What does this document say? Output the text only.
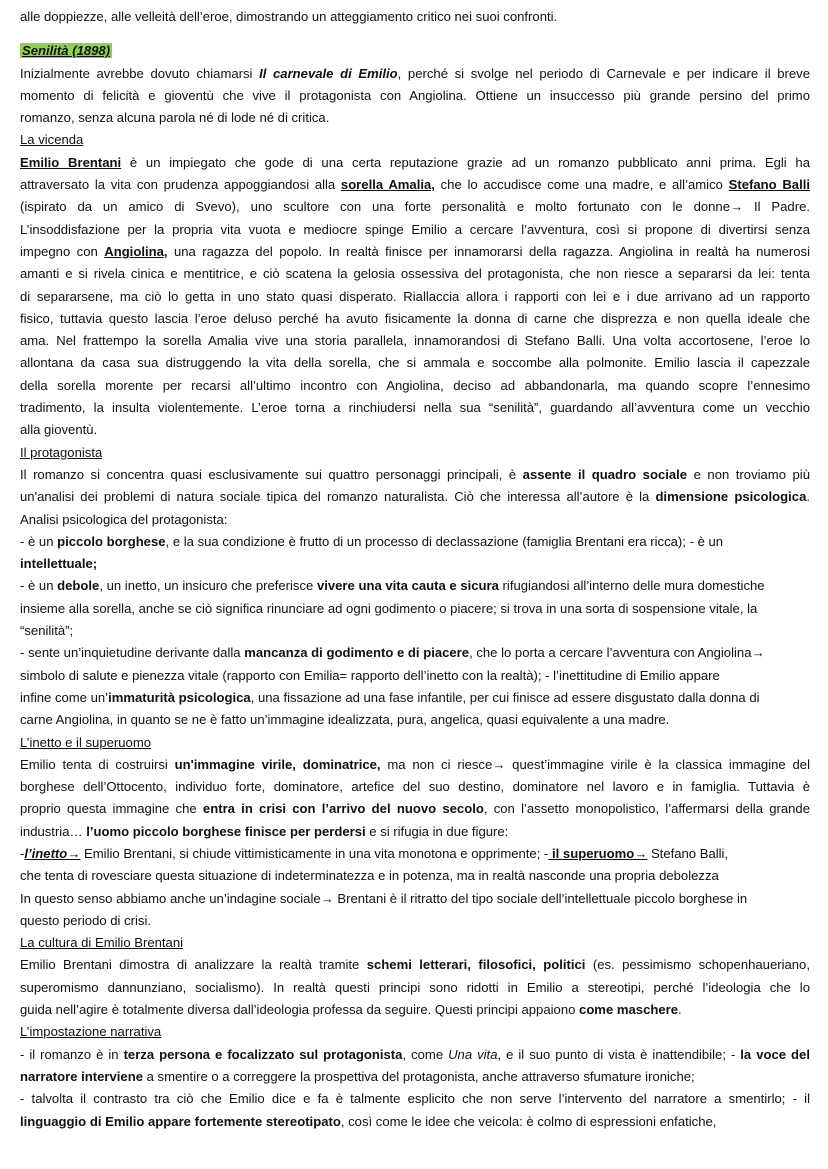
alle doppiezze, alle velleità dell’eroe, dimostrando un atteggiamento critico nei suoi confronti.
Senilità (1898)
Inizialmente avrebbe dovuto chiamarsi Il carnevale di Emilio, perché si svolge nel periodo di Carnevale e per indicare il breve
momento di felicità e gioventù che vive il protagonista con Angiolina. Ottiene un insuccesso più grande persino del primo
romanzo, senza alcuna parola né di lode né di critica.
La vicenda
Emilio Brentani è un impiegato che gode di una certa reputazione grazie ad un romanzo pubblicato anni prima. Egli ha
attraversato la vita con prudenza appoggiandosi alla sorella Amalia, che lo accudisce come una madre, e all’amico Stefano Balli
(ispirato da un amico di Svevo), uno scultore con una forte personalità e molto fortunato con le donne→ Il Padre.
L’insoddisfazione per la propria vita vuota e mediocre spinge Emilio a cercare l’avventura, così si propone di divertirsi senza
impegno con Angiolina, una ragazza del popolo. In realtà finisce per innamorarsi della ragazza. Angiolina in realtà ha numerosi
amanti e si rivela cinica e mentitrice, e ciò scatena la gelosia ossessiva del protagonista, che non riesce a separarsi da lei: tenta
di separarsene, ma ciò lo getta in uno stato quasi disperato. Riallaccia allora i rapporti con lei e i due arrivano ad un rapporto
fisico, tuttavia questo lascia l’eroe deluso perché ha avuto fisicamente la donna di carne che disprezza e non quella ideale che
ama. Nel frattempo la sorella Amalia vive una storia parallela, innamorandosi di Stefano Balli. Una volta accortosene, l’eroe lo
allontana da casa sua distruggendo la vita della sorella, che si ammala e soccombe alla polmonite. Emilio lascia il capezzale
della sorella morente per recarsi all’ultimo incontro con Angiolina, deciso ad abbandonarla, ma quando scopre l’ennesimo
tradimento, la insulta violentemente. L’eroe torna a rinchiudersi nella sua “senilità”, guardando all’avventura come un vecchio
alla gioventù.
Il protagonista
Il romanzo si concentra quasi esclusivamente sui quattro personaggi principali, è assente il quadro sociale e non troviamo più
un'analisi dei problemi di natura sociale tipica del romanzo naturalista. Ciò che interessa all’autore è la dimensione psicologica.
Analisi psicologica del protagonista:
- è un piccolo borghese, e la sua condizione è frutto di un processo di declassazione (famiglia Brentani era ricca); - è un
intellettuale;
- è un debole, un inetto, un insicuro che preferisce vivere una vita cauta e sicura rifugiandosi all’interno delle mura domestiche
insieme alla sorella, anche se ciò significa rinunciare ad ogni godimento o piacere; si trova in una sorta di sospensione vitale, la
“senilità”;
- sente un’inquietudine derivante dalla mancanza di godimento e di piacere, che lo porta a cercare l’avventura con Angiolina→
simbolo di salute e pienezza vitale (rapporto con Emilia= rapporto dell’inetto con la realtà); - l’inettitudine di Emilio appare
infine come un’immaturità psicologica, una fissazione ad una fase infantile, per cui finisce ad essere disgustato dalla donna di
carne Angiolina, in quanto se ne è fatto un’immagine idealizzata, pura, angelica, quasi equivalente a una madre.
L’inetto e il superuomo
Emilio tenta di costruirsi un'immagine virile, dominatrice, ma non ci riesce→ quest’immagine virile è la classica immagine del
borghese dell’Ottocento, individuo forte, dominatore, artefice del suo destino, dominatore nel lavoro e in famiglia. Tuttavia è
proprio questa immagine che entra in crisi con l’arrivo del nuovo secolo, con l’assetto monopolistico, l’affermarsi della grande
industria… l’uomo piccolo borghese finisce per perdersi e si rifugia in due figure:
-l’inetto→ Emilio Brentani, si chiude vittimisticamente in una vita monotona e opprimente; - il superuomo→ Stefano Balli,
che tenta di rovesciare questa situazione di indeterminatezza e in potenza, ma in realtà nasconde una propria debolezza
In questo senso abbiamo anche un’indagine sociale→ Brentani è il ritratto del tipo sociale dell’intellettuale piccolo borghese in
questo periodo di crisi.
La cultura di Emilio Brentani
Emilio Brentani dimostra di analizzare la realtà tramite schemi letterari, filosofici, politici (es. pessimismo schopenhaueriano,
superomismo dannunziano, socialismo). In realtà questi principi sono ridotti in Emilio a stereotipi, perché l’ideologia che lo
guida nell’agire è totalmente diversa dall’ideologia professa da seguire. Questi principi appaiono come maschere.
L’impostazione narrativa
- il romanzo è in terza persona e focalizzato sul protagonista, come Una vita, e il suo punto di vista è inattendibile; - la voce del
narratore interviene a smentire o a correggere la prospettiva del protagonista, anche attraverso sfumature ironiche;
- talvolta il contrasto tra ciò che Emilio dice e fa è talmente esplicito che non serve l’intervento del narratore a smentirlo; - il
linguaggio di Emilio appare fortemente stereotipato, così come le idee che veicola: è colmo di espressioni enfatiche,
